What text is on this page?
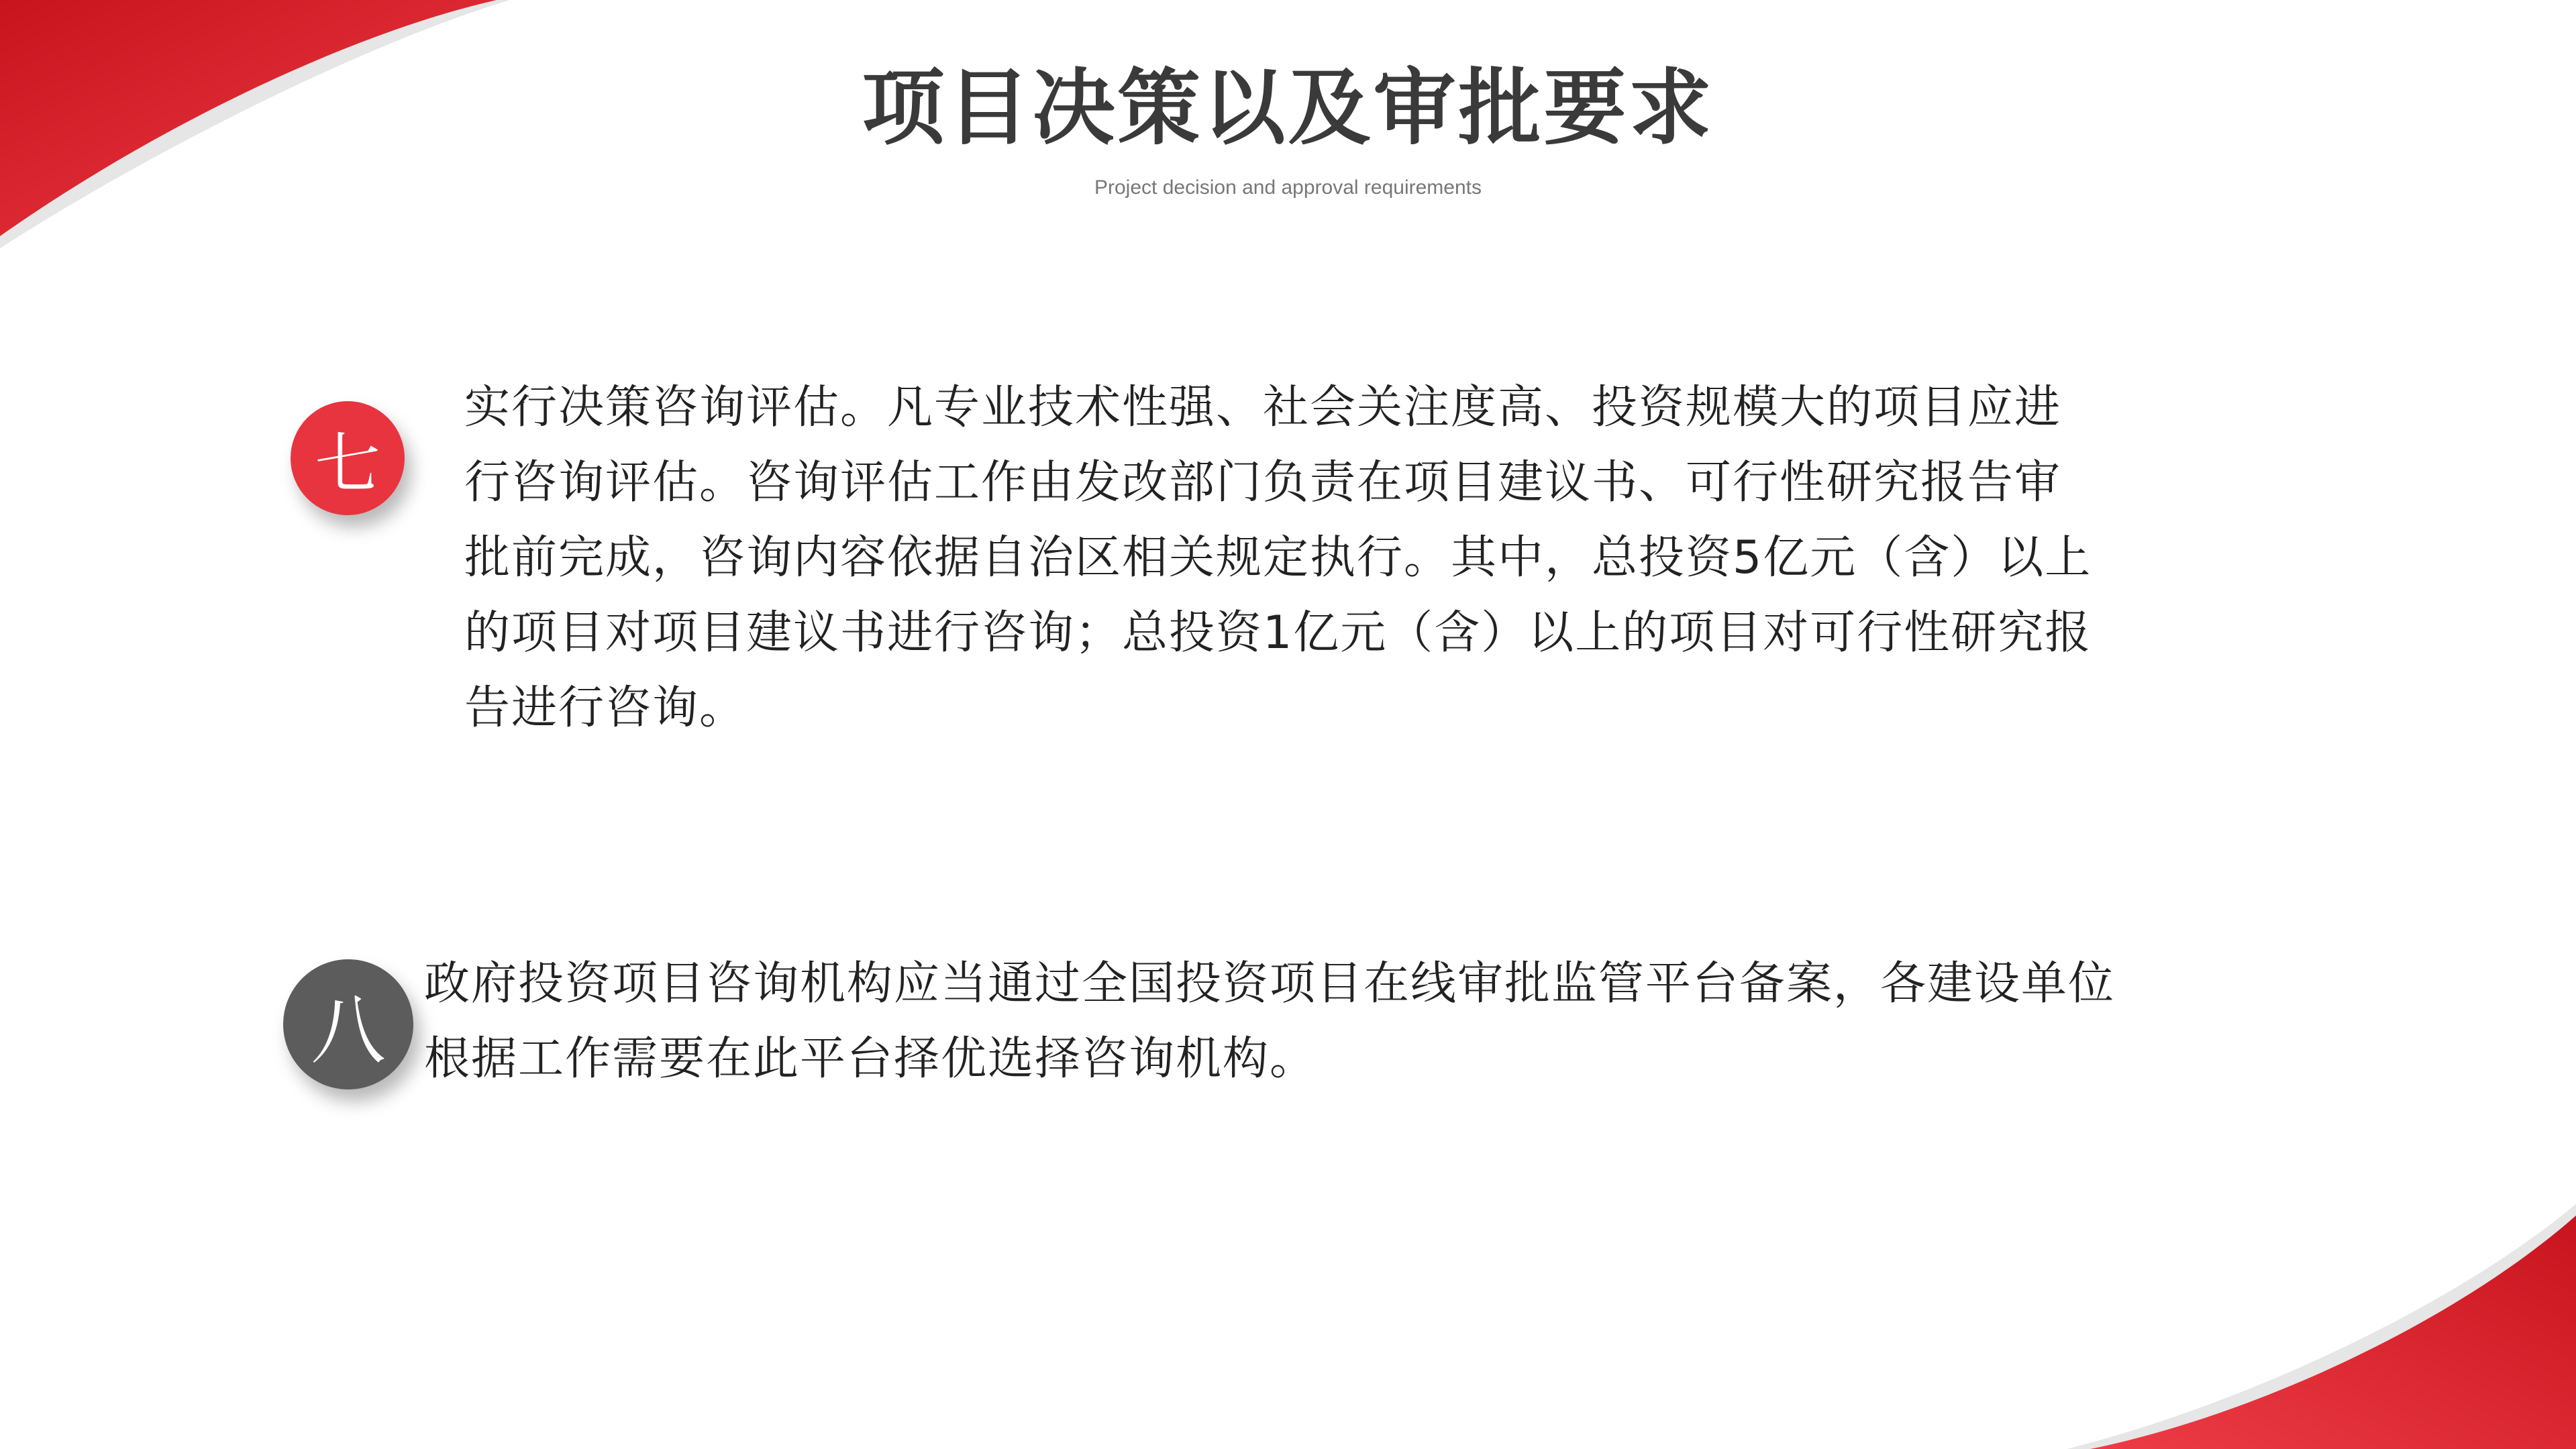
项目决策以及审批要求

Project decision and approval requirements

七

实行决策咨询评估。凡专业技术性强、社会关注度高、投资规模大的项目应进行咨询评估。咨询评估工作由发改部门负责在项目建议书、可行性研究报告审批前完成，咨询内容依据自治区相关规定执行。其中，总投资5亿元（含）以上的项目对项目建议书进行咨询；总投资1亿元（含）以上的项目对可行性研究报告进行咨询。

八

政府投资项目咨询机构应当通过全国投资项目在线审批监管平台备案，各建设单位根据工作需要在此平台择优选择咨询机构。
